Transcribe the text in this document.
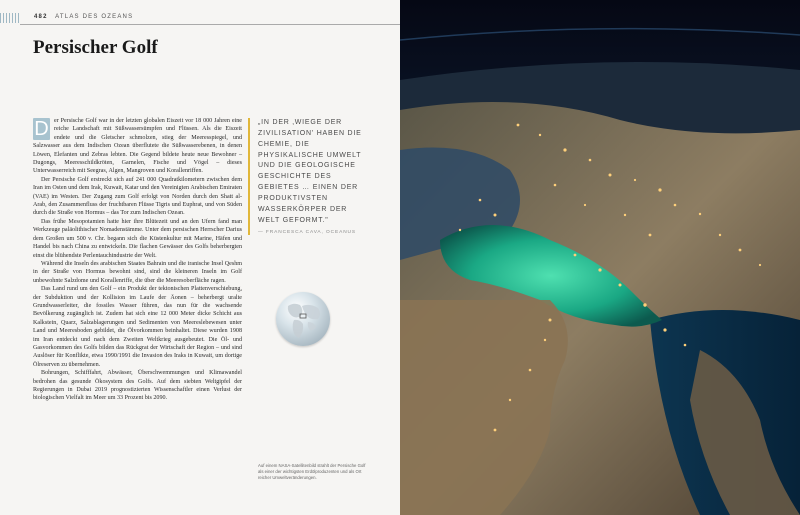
482 ATLAS DES OZEANS
Persischer Golf

D er Persische Golf war in der letzten globalen Eiszeit vor 18 000 Jahren eine reiche Landschaft mit Süßwassersümpfen und Flüssen. Als die Eiszeit endete und die Gletscher schmolzen, stieg der Meeresspiegel, und Salzwasser aus dem Indischen Ozean überflutete die Süßwasserebenen, in denen Löwen, Elefanten und Zebras lebten. Die Gegend bildete heute neue Bewohner – Dugongs, Meeresschildkröten, Garnelen, Fische und Vögel – dieses Unterwasserreich mit Seegras, Algen, Mangroven und Korallenriffen.

Der Persische Golf erstreckt sich auf 241 000 Quadratkilometern zwischen dem Iran im Osten und dem Irak, Kuwait, Katar und den Vereinigten Arabischen Emiraten (VAE) im Westen. Der Zugang zum Golf erfolgt von Norden durch den Shatt al-Arab, den Zusammenfluss der fruchtbaren Flüsse Tigris und Euphrat, und von Süden durch die Straße von Hormus – das Tor zum Indischen Ozean.

Das frühe Mesopotamien hatte hier ihre Blütezeit und an den Ufern fand man Werkzeuge paläolithischer Nomadenstämme. Unter dem persischen Herrscher Darius dem Großen um 500 v. Chr. begann sich die Küstenkultur mit Marine, Häfen und Handel bis nach China zu entwickeln. Die flachen Gewässer des Golfs beherbergten einst die blühendste Perlentauchindustrie der Welt.

Während die Inseln des arabischen Staates Bahrain und die iranische Insel Qeshm in der Straße von Hormus bewohnt sind, sind die kleineren Inseln im Golf unbewohnte Salzdome und Korallenriffe, die über die Meeresoberfläche ragen.

Das Land rund um den Golf – ein Produkt der tektonischen Plattenverschiebung, der Subduktion und der Kollision im Laufe der Äonen – beherbergt uralte Grundwasserleiter, die fossiles Wasser führen, das nun für die wachsende Bevölkerung zugänglich ist. Zudem hat sich eine 12 000 Meter dicke Schicht aus Kalkstein, Quarz, Salzablagerungen und Sedimenten von Meereslebewesen unter Land und Meeresboden gebildet, die Ölvorkommen beinhaltet. Diese wurden 1908 im Iran entdeckt und nach dem Zweiten Weltkrieg ausgebeutet. Die Öl- und Gasvorkommen des Golfs bilden das Rückgrat der Wirtschaft der Region – und sind Auslöser für Konflikte, etwa 1990/1991 die Invasion des Iraks in Kuwait, um dortige Ölreserven zu übernehmen.

Bohrungen, Schifffahrt, Abwässer, Überschwemmungen und Klimawandel bedrohen das gesunde Ökosystem des Golfs. Auf dem siebten Weltgipfel der Regierungen in Dubai 2019 prognostizierten Wissenschaftler einen Verlust der biologischen Vielfalt im Meer um 33 Prozent bis 2090.

„IN DER ‚WIEGE DER ZIVILISATION' HABEN DIE CHEMIE, DIE PHYSIKALISCHE UMWELT UND DIE GEOLOGISCHE GESCHICHTE DES GEBIETES … EINEN DER PRODUKTIVSTEN WASSERKÖRPER DER WELT GEFORMT."
— FRANCESCA CAVA, OCEANUS
Auf einem NASA-Satellitenbild strahlt der Persische Golf als einer der wichtigsten Erdölproduzenten und als Ort reicher Umweltveränderungen.
